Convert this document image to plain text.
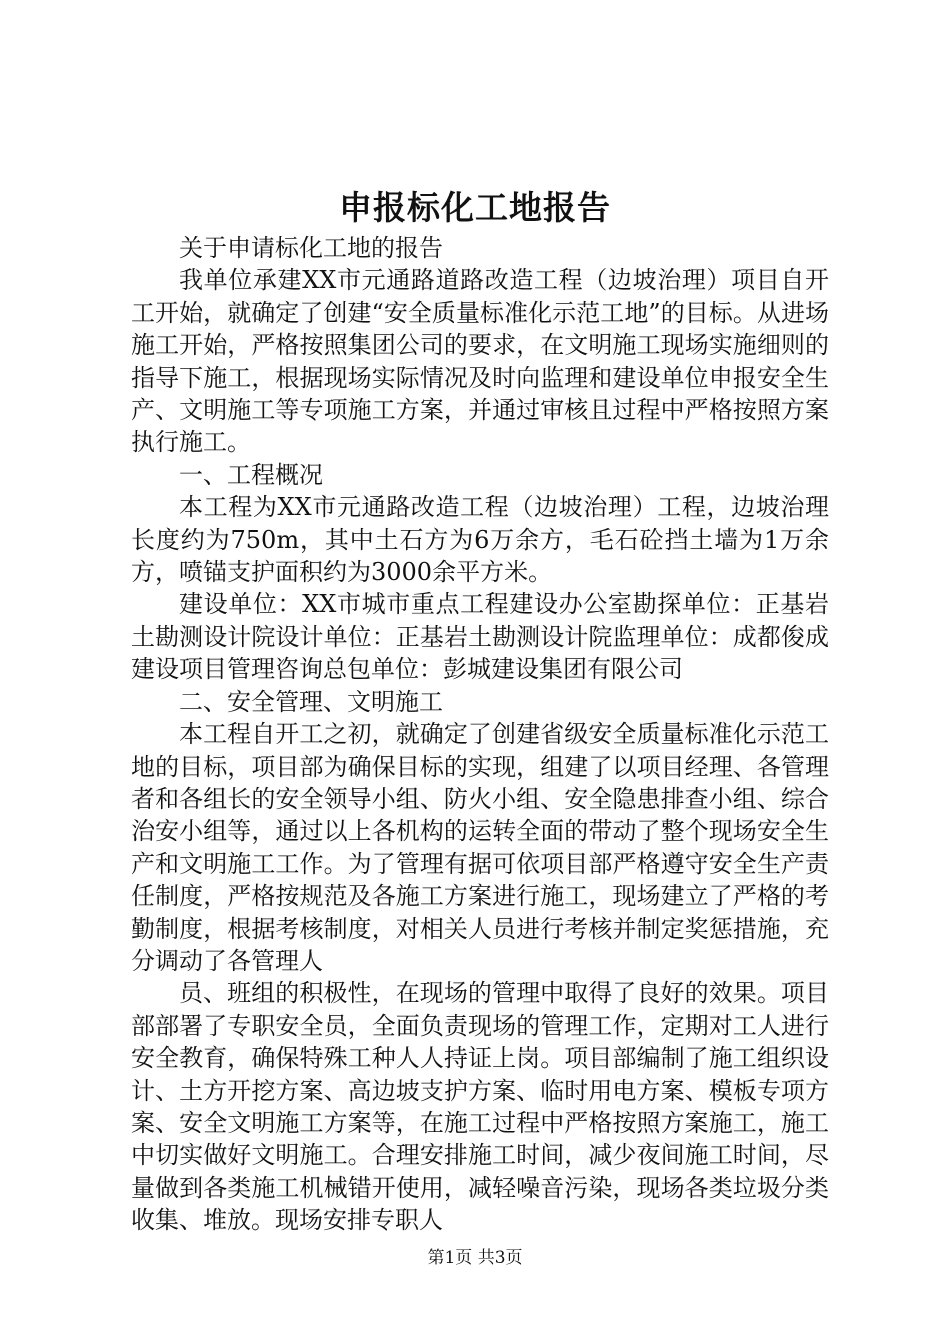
申报标化工地报告

关于申请标化工地的报告

我单位承建XX市元通路道路改造工程（边坡治理）项目自开工开始，就确定了创建“安全质量标准化示范工地”的目标。从进场施工开始，严格按照集团公司的要求，在文明施工现场实施细则的指导下施工，根据现场实际情况及时向监理和建设单位申报安全生产、文明施工等专项施工方案，并通过审核且过程中严格按照方案执行施工。

一、工程概况

本工程为XX市元通路改造工程（边坡治理）工程，边坡治理长度约为750m，其中土石方为6万余方，毛石砼挡土墙为1万余方，喷锚支护面积约为3000余平方米。

建设单位：XX市城市重点工程建设办公室勘探单位：正基岩土勘测设计院设计单位：正基岩土勘测设计院监理单位：成都俊成建设项目管理咨询总包单位：彭城建设集团有限公司

二、安全管理、文明施工

本工程自开工之初，就确定了创建省级安全质量标准化示范工地的目标，项目部为确保目标的实现，组建了以项目经理、各管理者和各组长的安全领导小组、防火小组、安全隐患排查小组、综合治安小组等，通过以上各机构的运转全面的带动了整个现场安全生产和文明施工工作。为了管理有据可依项目部严格遵守安全生产责任制度，严格按规范及各施工方案进行施工，现场建立了严格的考勤制度，根据考核制度，对相关人员进行考核并制定奖惩措施，充分调动了各管理人

员、班组的积极性，在现场的管理中取得了良好的效果。项目部部署了专职安全员，全面负责现场的管理工作，定期对工人进行安全教育，确保特殊工种人人持证上岗。项目部编制了施工组织设计、土方开挖方案、高边坡支护方案、临时用电方案、模板专项方案、安全文明施工方案等，在施工过程中严格按照方案施工，施工中切实做好文明施工。合理安排施工时间，减少夜间施工时间，尽量做到各类施工机械错开使用，减轻噪音污染，现场各类垃圾分类收集、堆放。现场安排专职人

第1页 共3页
